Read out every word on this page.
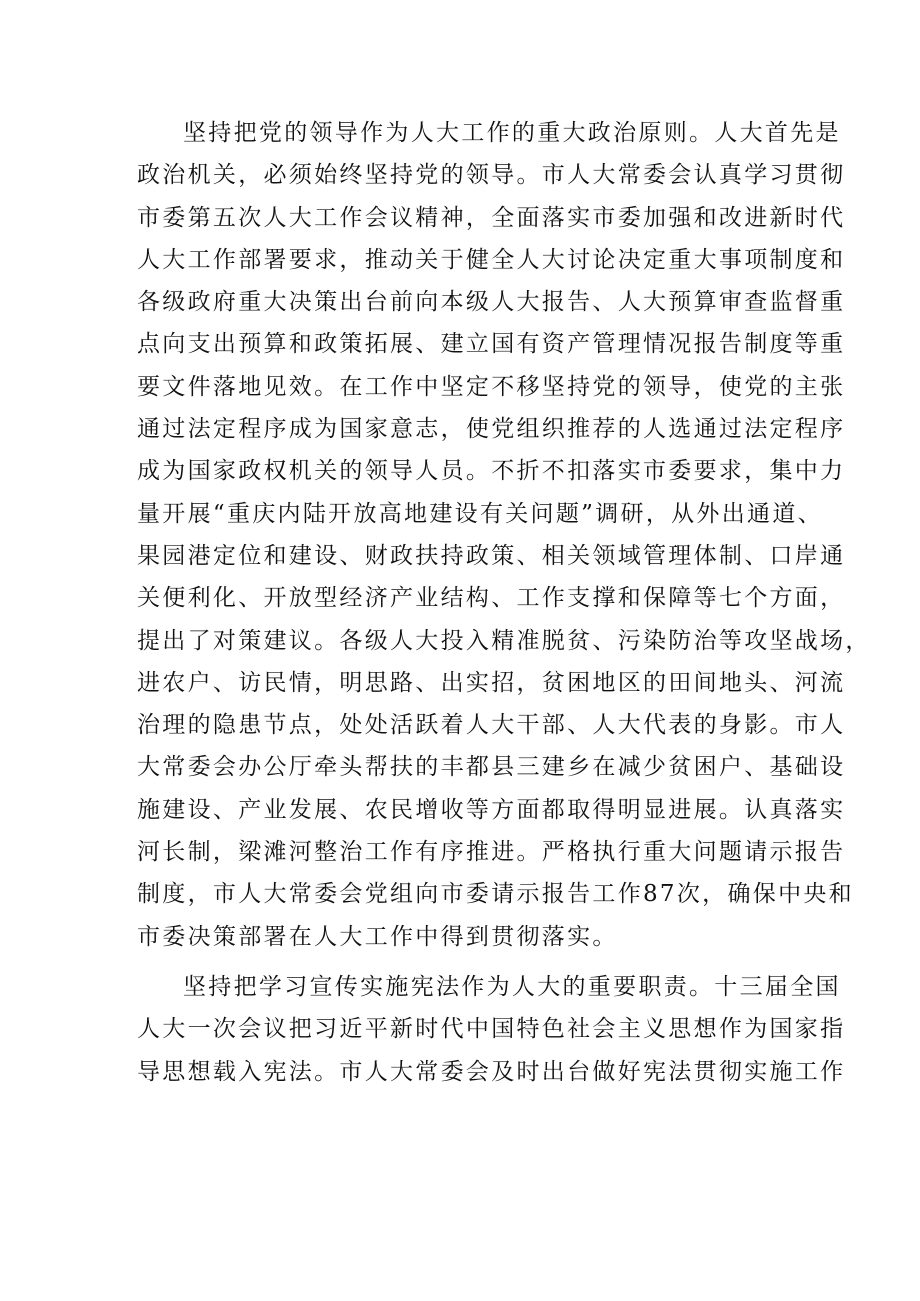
坚持把党的领导作为人大工作的重大政治原则。人大首先是
政治机关，必须始终坚持党的领导。市人大常委会认真学习贯彻
市委第五次人大工作会议精神，全面落实市委加强和改进新时代
人大工作部署要求，推动关于健全人大讨论决定重大事项制度和
各级政府重大决策出台前向本级人大报告、人大预算审查监督重
点向支出预算和政策拓展、建立国有资产管理情况报告制度等重
要文件落地见效。在工作中坚定不移坚持党的领导，使党的主张
通过法定程序成为国家意志，使党组织推荐的人选通过法定程序
成为国家政权机关的领导人员。不折不扣落实市委要求，集中力
量开展“重庆内陆开放高地建设有关问题”调研，从外出通道、
果园港定位和建设、财政扶持政策、相关领域管理体制、口岸通
关便利化、开放型经济产业结构、工作支撑和保障等七个方面，
提出了对策建议。各级人大投入精准脱贫、污染防治等攻坚战场，
进农户、访民情，明思路、出实招，贫困地区的田间地头、河流
治理的隐患节点，处处活跃着人大干部、人大代表的身影。市人
大常委会办公厅牵头帮扶的丰都县三建乡在减少贫困户、基础设
施建设、产业发展、农民增收等方面都取得明显进展。认真落实
河长制，梁滩河整治工作有序推进。严格执行重大问题请示报告
制度，市人大常委会党组向市委请示报告工作87次，确保中央和
市委决策部署在人大工作中得到贯彻落实。

坚持把学习宣传实施宪法作为人大的重要职责。十三届全国
人大一次会议把习近平新时代中国特色社会主义思想作为国家指
导思想载入宪法。市人大常委会及时出台做好宪法贯彻实施工作
